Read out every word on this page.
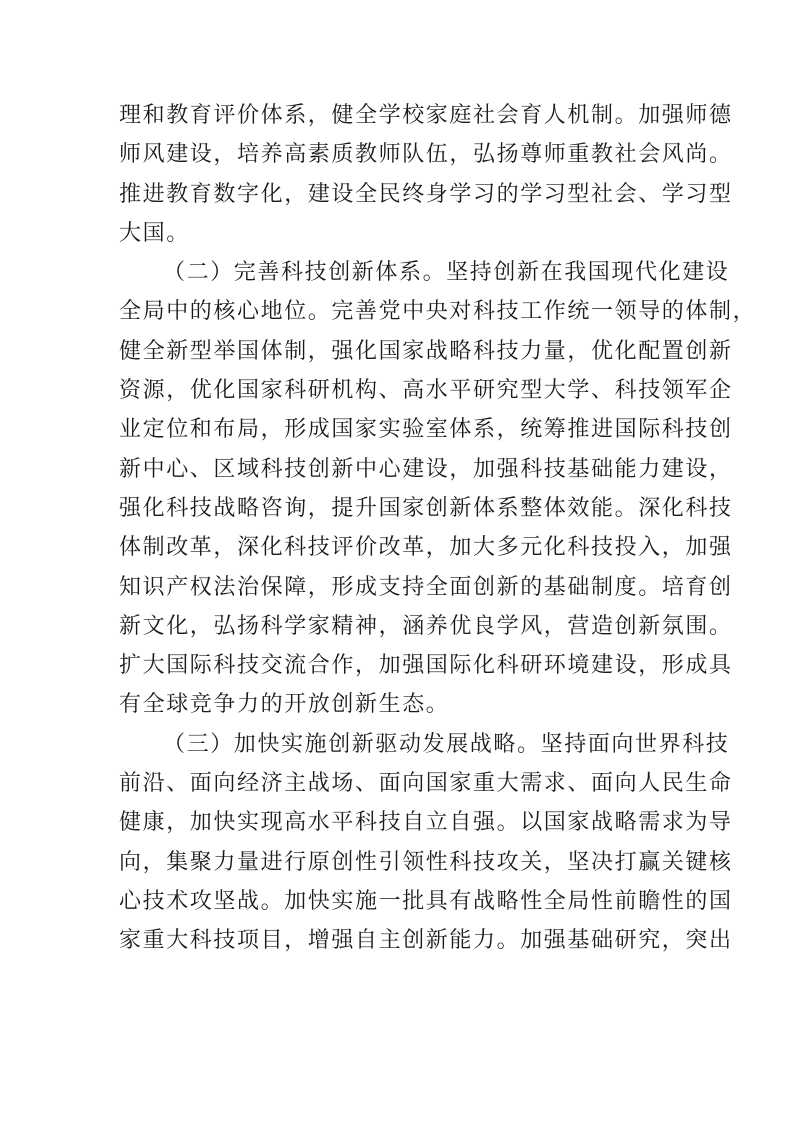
理和教育评价体系，健全学校家庭社会育人机制。加强师德
师风建设，培养高素质教师队伍，弘扬尊师重教社会风尚。
推进教育数字化，建设全民终身学习的学习型社会、学习型
大国。
（二）完善科技创新体系。坚持创新在我国现代化建设
全局中的核心地位。完善党中央对科技工作统一领导的体制，
健全新型举国体制，强化国家战略科技力量，优化配置创新
资源，优化国家科研机构、高水平研究型大学、科技领军企
业定位和布局，形成国家实验室体系，统筹推进国际科技创
新中心、区域科技创新中心建设，加强科技基础能力建设，
强化科技战略咨询，提升国家创新体系整体效能。深化科技
体制改革，深化科技评价改革，加大多元化科技投入，加强
知识产权法治保障，形成支持全面创新的基础制度。培育创
新文化，弘扬科学家精神，涵养优良学风，营造创新氛围。
扩大国际科技交流合作，加强国际化科研环境建设，形成具
有全球竞争力的开放创新生态。
（三）加快实施创新驱动发展战略。坚持面向世界科技
前沿、面向经济主战场、面向国家重大需求、面向人民生命
健康，加快实现高水平科技自立自强。以国家战略需求为导
向，集聚力量进行原创性引领性科技攻关，坚决打赢关键核
心技术攻坚战。加快实施一批具有战略性全局性前瞻性的国
家重大科技项目，增强自主创新能力。加强基础研究，突出
